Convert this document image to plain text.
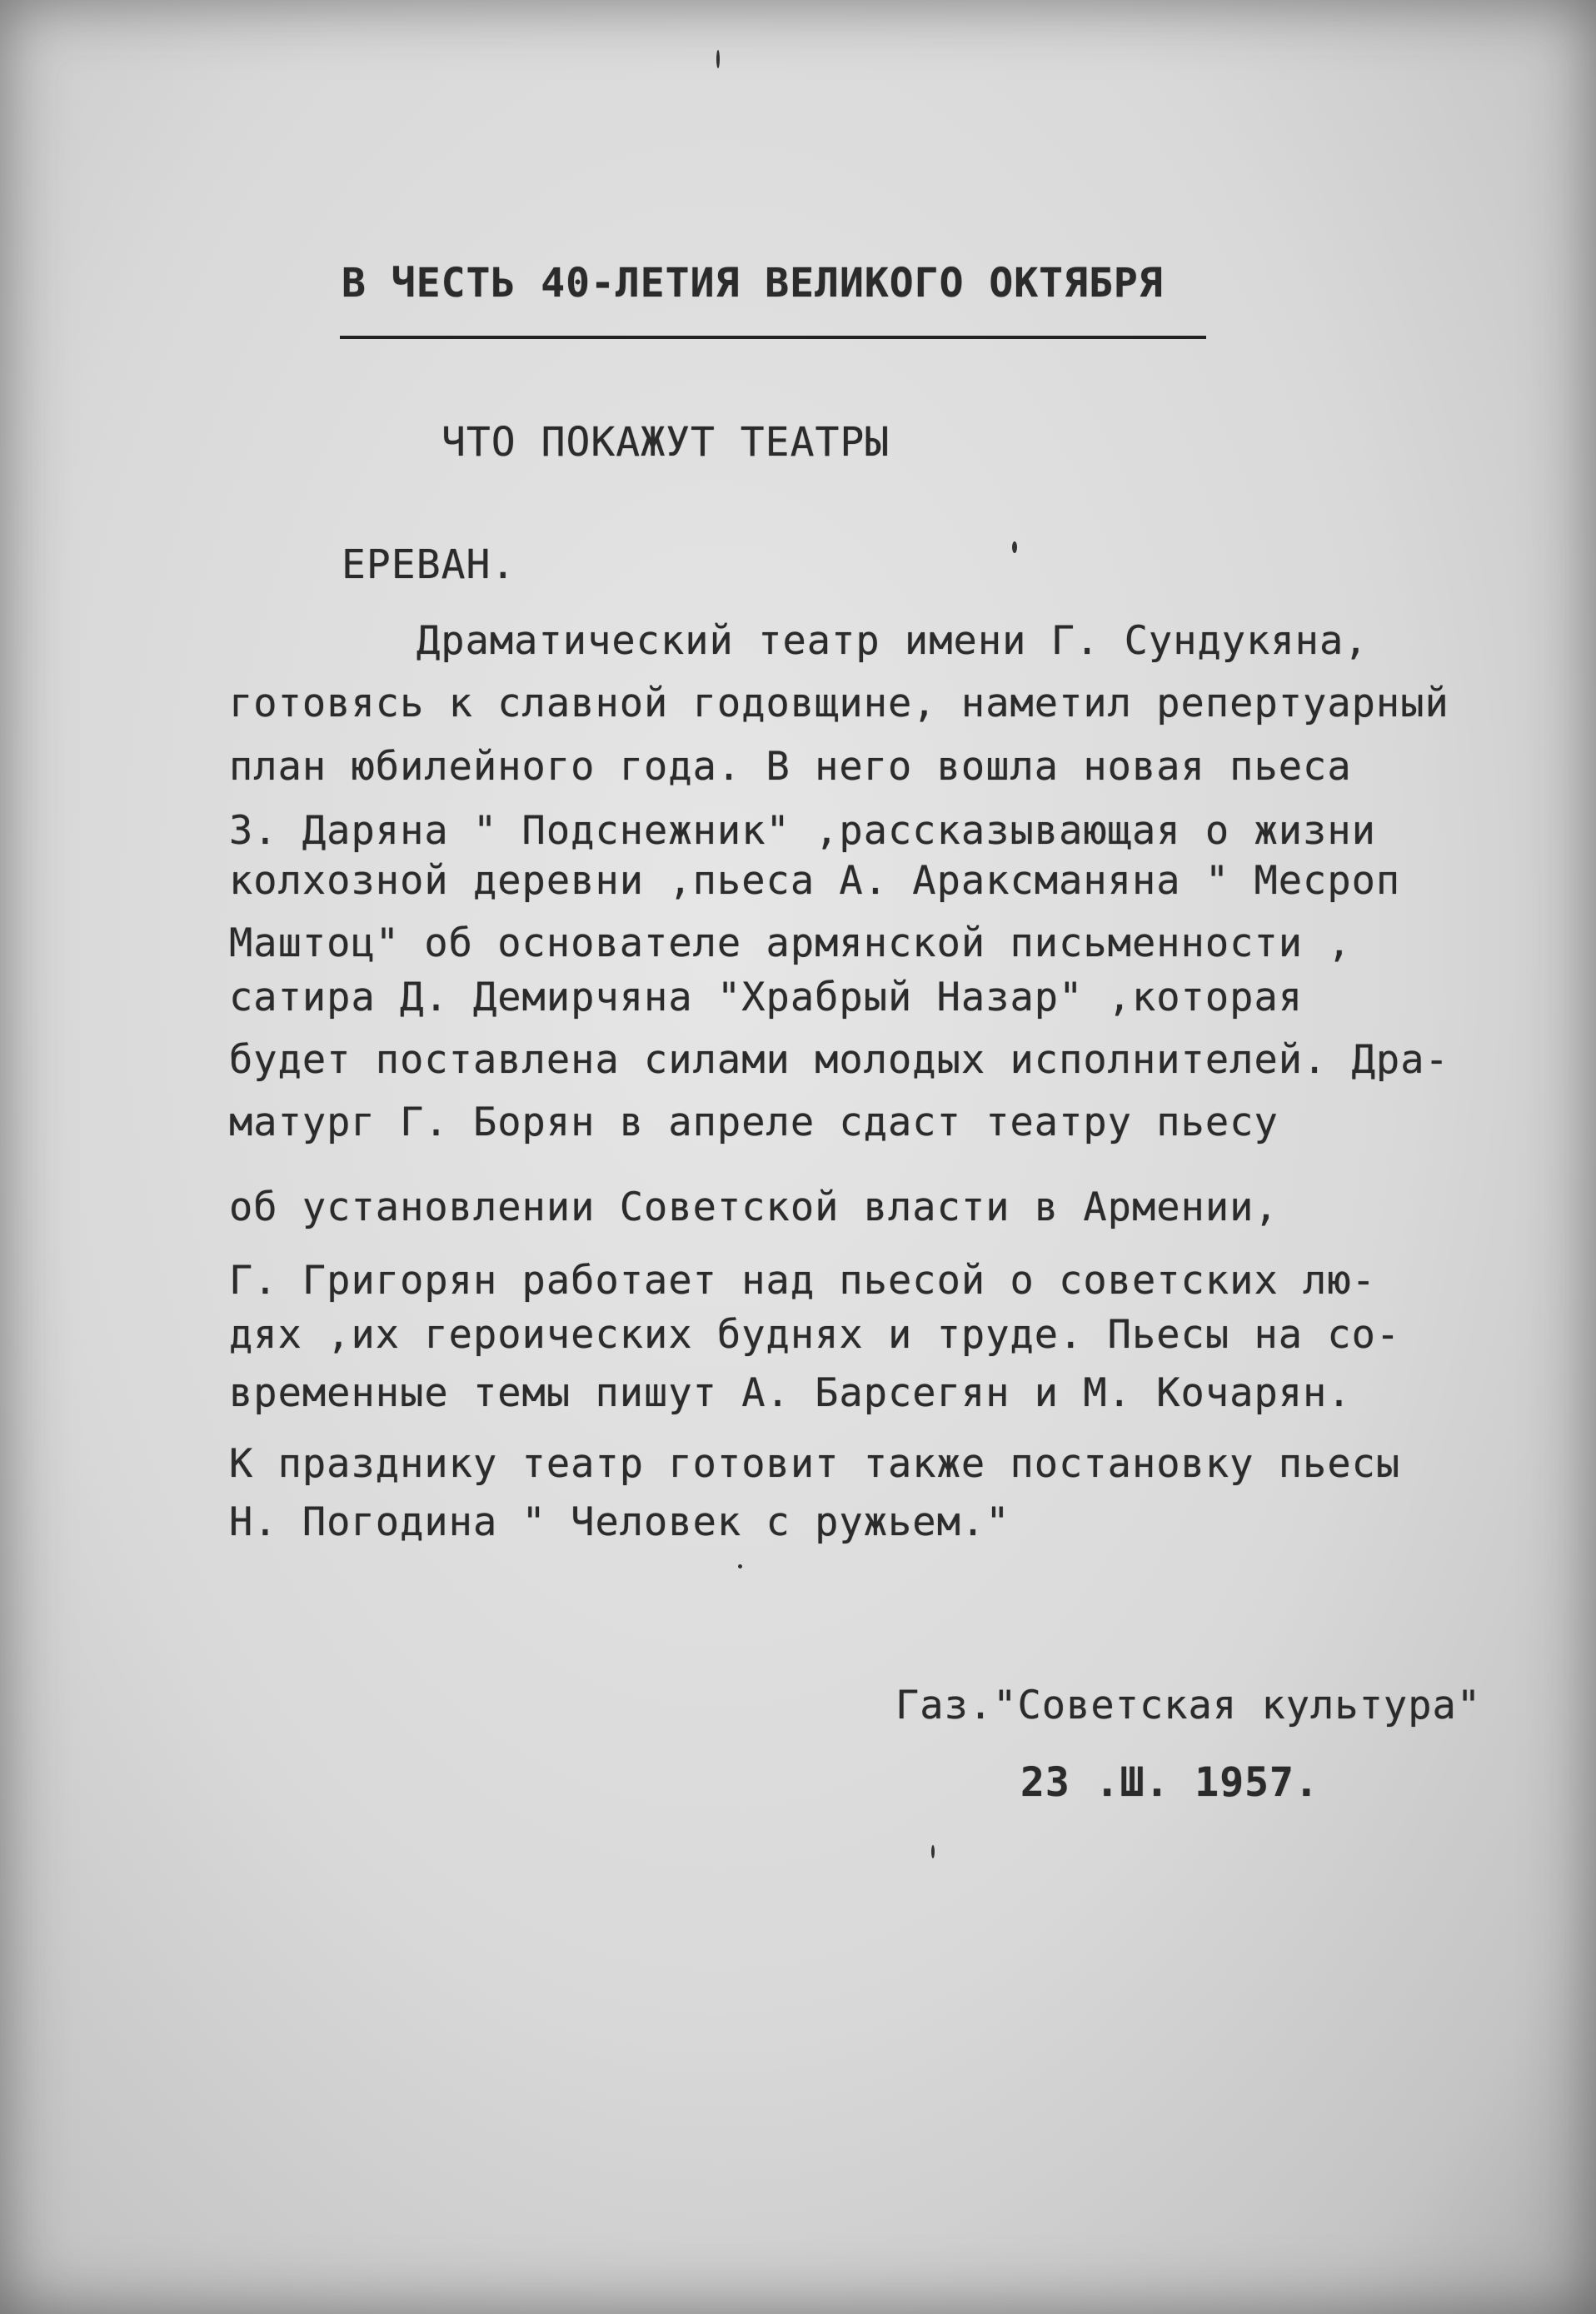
В ЧЕСТЬ 40-ЛЕТИЯ ВЕЛИКОГО ОКТЯБРЯ
ЧТО ПОКАЖУТ ТЕАТРЫ
ЕРЕВАН.
Драматический театр имени Г. Сундукяна,
готовясь к славной годовщине, наметил репертуарный
план юбилейного года. В него вошла новая пьеса
З. Даряна " Подснежник" ,рассказывающая о жизни
колхозной деревни ,пьеса А. Араксманяна " Месроп
Маштоц" об основателе армянской письменности ,
сатира Д. Демирчяна "Храбрый Назар" ,которая
будет поставлена силами молодых исполнителей. Дра-
матург Г. Борян в апреле сдаст театру пьесу
об установлении Советской власти в Армении,
Г. Григорян работает над пьесой о советских лю-
дях ,их героических буднях и труде. Пьесы на со-
временные темы пишут А. Барсегян и М. Кочарян.
К празднику театр готовит также постановку пьесы
Н. Погодина " Человек с ружьем."
Газ."Советская культура"
23 .Ш. 1957.
